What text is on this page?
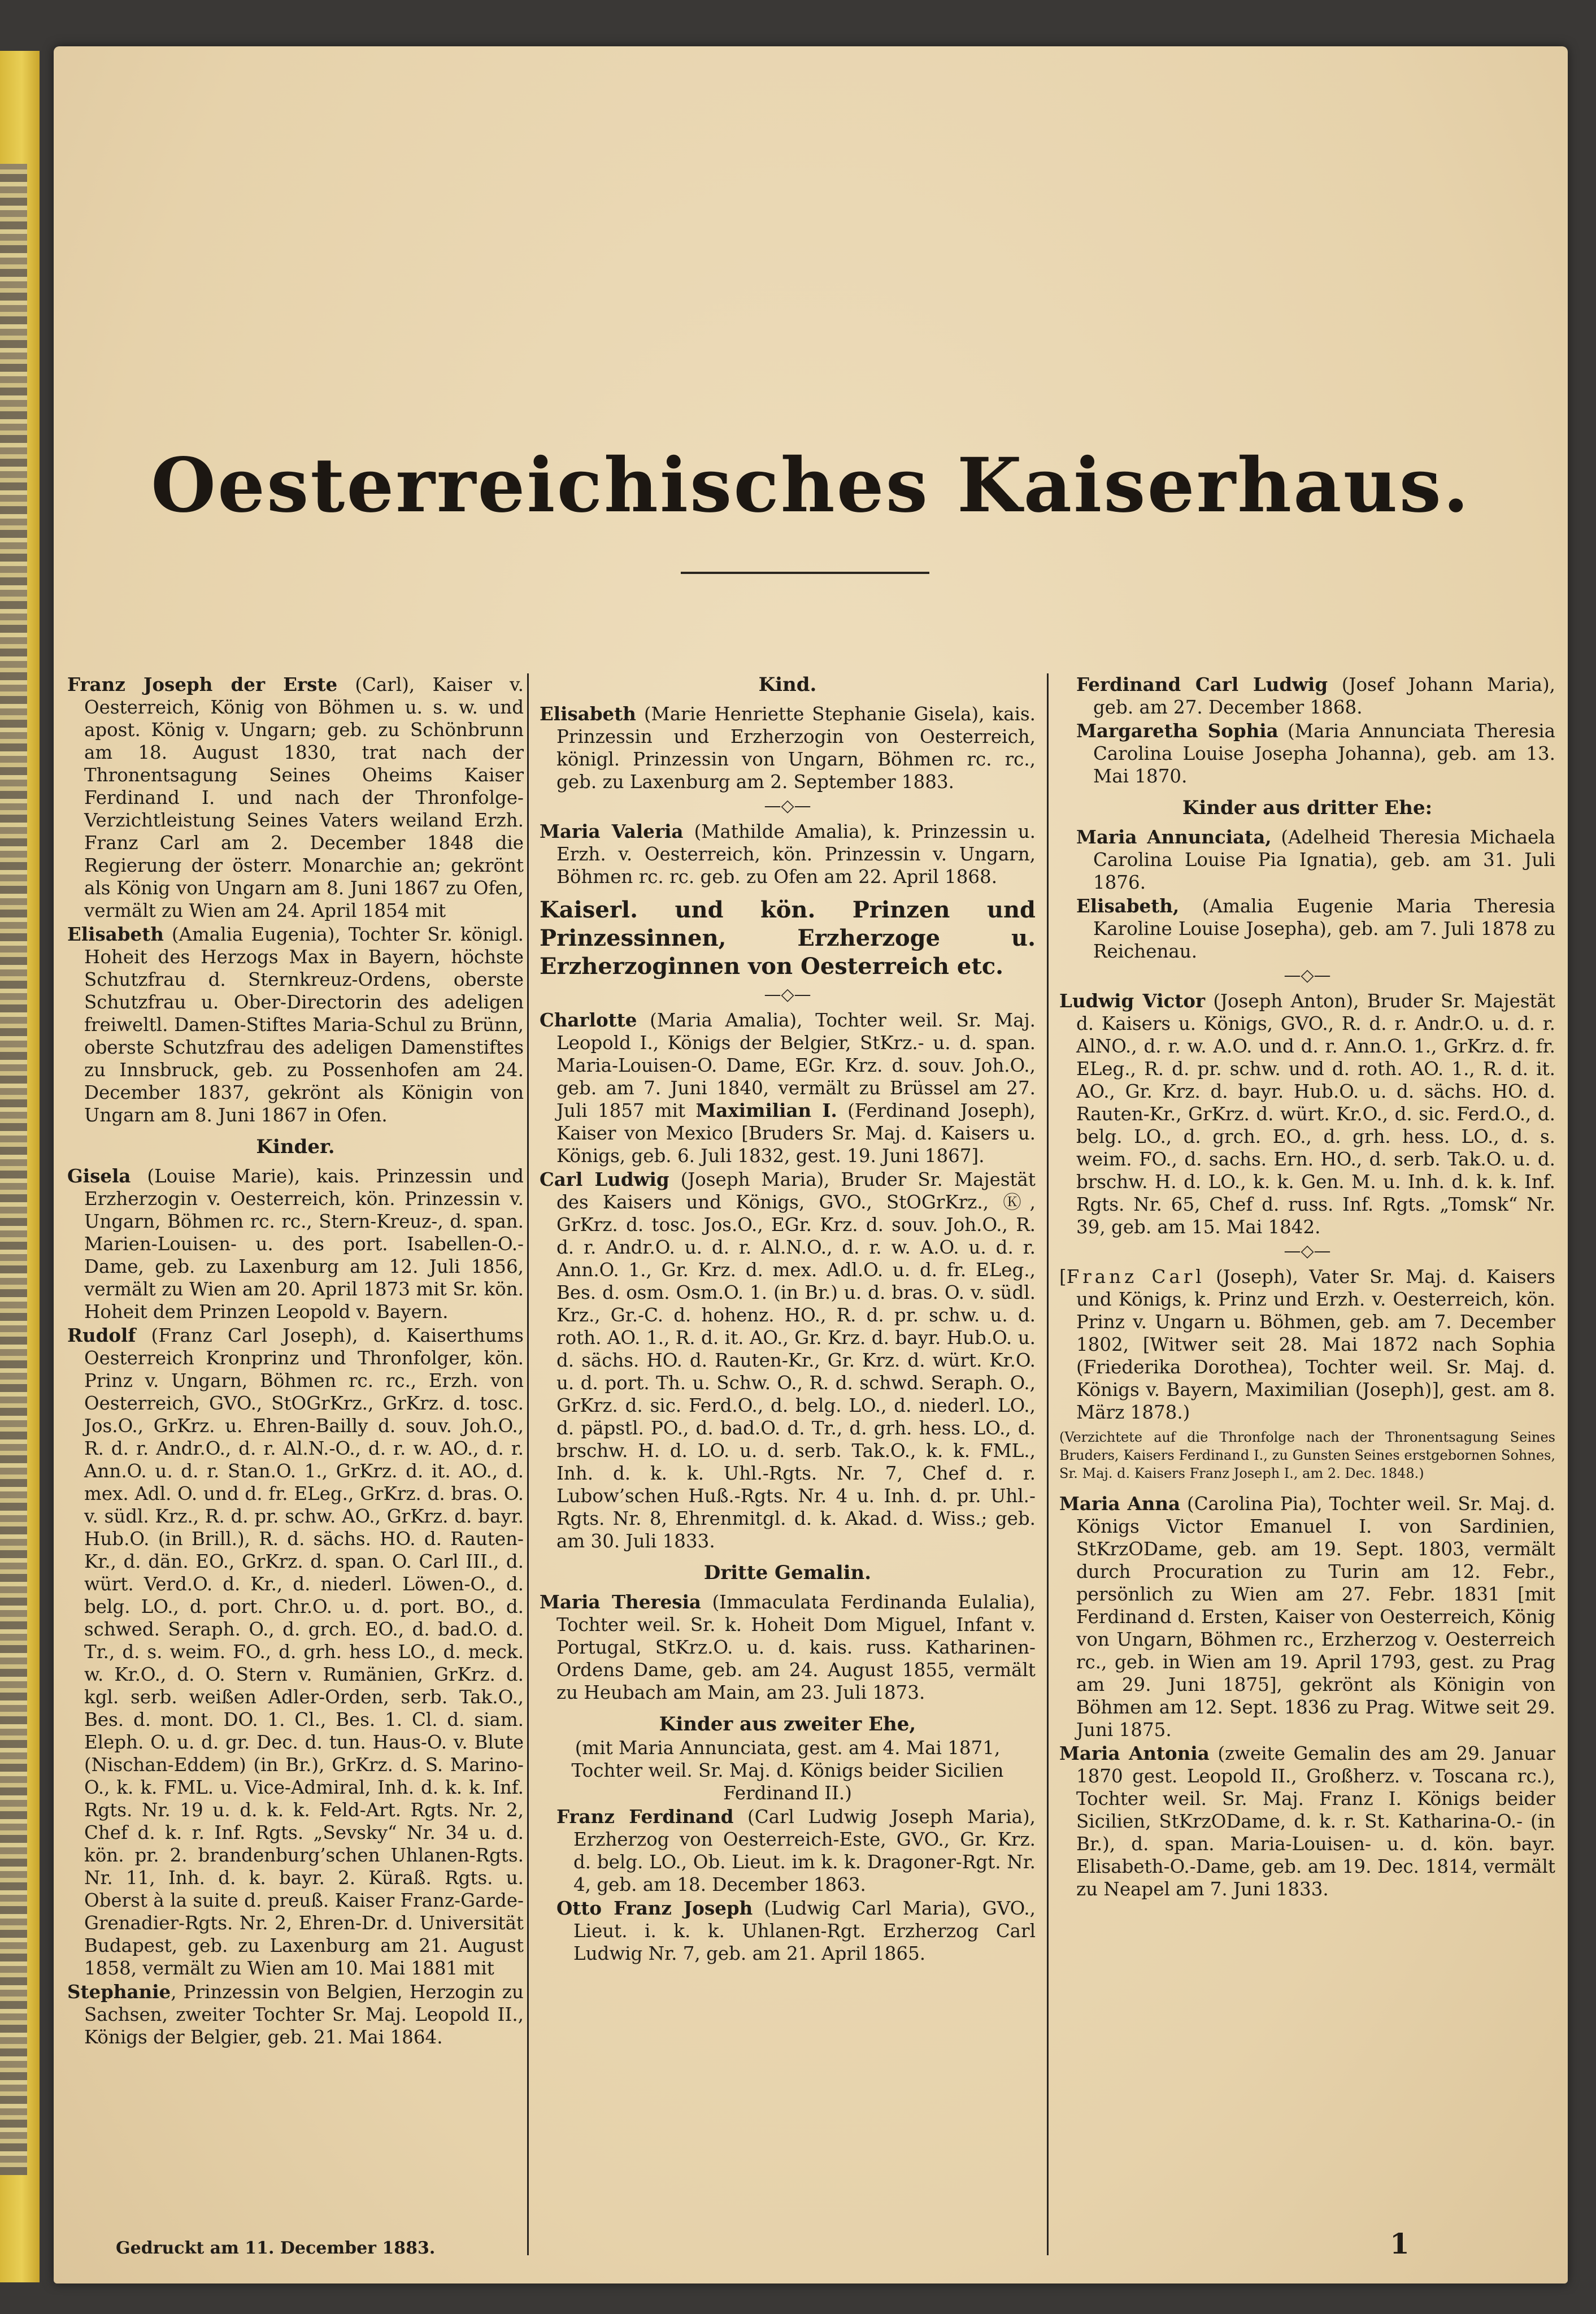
Oesterreichisches Kaiserhaus.

Franz Joseph der Erste (Carl), Kaiser v. Oesterreich, König von Böhmen u. s. w. und apost. König v. Ungarn; geb. zu Schönbrunn am 18. August 1830, trat nach der Thronentsagung Seines Oheims Kaiser Ferdinand I. und nach der Thronfolge-Verzichtleistung Seines Vaters weiland Erzh. Franz Carl am 2. December 1848 die Regierung der österr. Monarchie an; gekrönt als König von Ungarn am 8. Juni 1867 zu Ofen, vermält zu Wien am 24. April 1854 mit

Elisabeth (Amalia Eugenia), Tochter Sr. königl. Hoheit des Herzogs Max in Bayern, höchste Schutzfrau d. Sternkreuz-Ordens, oberste Schutzfrau u. Ober-Directorin des adeligen freiweltl. Damen-Stiftes Maria-Schul zu Brünn, oberste Schutzfrau des adeligen Damenstiftes zu Innsbruck, geb. zu Possenhofen am 24. December 1837, gekrönt als Königin von Ungarn am 8. Juni 1867 in Ofen.

Kinder.

Gisela (Louise Marie), kais. Prinzessin und Erzherzogin v. Oesterreich, kön. Prinzessin v. Ungarn, Böhmen rc. rc., Stern-Kreuz-, d. span. Marien-Louisen- u. des port. Isabellen-O.-Dame, geb. zu Laxenburg am 12. Juli 1856, vermält zu Wien am 20. April 1873 mit Sr. kön. Hoheit dem Prinzen Leopold v. Bayern.

Rudolf (Franz Carl Joseph), d. Kaiserthums Oesterreich Kronprinz und Thronfolger, kön. Prinz v. Ungarn, Böhmen rc. rc., Erzh. von Oesterreich, GVO., StOGrKrz., GrKrz. d. tosc. Jos.O., GrKrz. u. Ehren-Bailly d. souv. Joh.O., R. d. r. Andr.O., d. r. Al.N.-O., d. r. w. AO., d. r. Ann.O. u. d. r. Stan.O. 1., GrKrz. d. it. AO., d. mex. Adl. O. und d. fr. ELeg., GrKrz. d. bras. O. v. südl. Krz., R. d. pr. schw. AO., GrKrz. d. bayr. Hub.O. (in Brill.), R. d. sächs. HO. d. Rauten-Kr., d. dän. EO., GrKrz. d. span. O. Carl III., d. würt. Verd.O. d. Kr., d. niederl. Löwen-O., d. belg. LO., d. port. Chr.O. u. d. port. BO., d. schwed. Seraph. O., d. grch. EO., d. bad.O. d. Tr., d. s. weim. FO., d. grh. hess LO., d. meck. w. Kr.O., d. O. Stern v. Rumänien, GrKrz. d. kgl. serb. weißen Adler-Orden, serb. Tak.O., Bes. d. mont. DO. 1. Cl., Bes. 1. Cl. d. siam. Eleph. O. u. d. gr. Dec. d. tun. Haus-O. v. Blute (Nischan-Eddem) (in Br.), GrKrz. d. S. Marino-O., k. k. FML. u. Vice-Admiral, Inh. d. k. k. Inf. Rgts. Nr. 19 u. d. k. k. Feld-Art. Rgts. Nr. 2, Chef d. k. r. Inf. Rgts. „Sevsky“ Nr. 34 u. d. kön. pr. 2. brandenburg’schen Uhlanen-Rgts. Nr. 11, Inh. d. k. bayr. 2. Küraß. Rgts. u. Oberst à la suite d. preuß. Kaiser Franz-Garde-Grenadier-Rgts. Nr. 2, Ehren-Dr. d. Universität Budapest, geb. zu Laxenburg am 21. August 1858, vermält zu Wien am 10. Mai 1881 mit

Stephanie, Prinzessin von Belgien, Herzogin zu Sachsen, zweiter Tochter Sr. Maj. Leopold II., Königs der Belgier, geb. 21. Mai 1864.

Kind.

Elisabeth (Marie Henriette Stephanie Gisela), kais. Prinzessin und Erzherzogin von Oesterreich, königl. Prinzessin von Ungarn, Böhmen rc. rc., geb. zu Laxenburg am 2. September 1883.

—◇—

Maria Valeria (Mathilde Amalia), k. Prinzessin u. Erzh. v. Oesterreich, kön. Prinzessin v. Ungarn, Böhmen rc. rc. geb. zu Ofen am 22. April 1868.

Kaiserl. und kön. Prinzen und Prinzessinnen, Erzherzoge u. Erzherzoginnen von Oesterreich etc.

—◇—

Charlotte (Maria Amalia), Tochter weil. Sr. Maj. Leopold I., Königs der Belgier, StKrz.- u. d. span. Maria-Louisen-O. Dame, EGr. Krz. d. souv. Joh.O., geb. am 7. Juni 1840, vermält zu Brüssel am 27. Juli 1857 mit Maximilian I. (Ferdinand Joseph), Kaiser von Mexico [Bruders Sr. Maj. d. Kaisers u. Königs, geb. 6. Juli 1832, gest. 19. Juni 1867].

Carl Ludwig (Joseph Maria), Bruder Sr. Majestät des Kaisers und Königs, GVO., StOGrKrz., Ⓚ, GrKrz. d. tosc. Jos.O., EGr. Krz. d. souv. Joh.O., R. d. r. Andr.O. u. d. r. Al.N.O., d. r. w. A.O. u. d. r. Ann.O. 1., Gr. Krz. d. mex. Adl.O. u. d. fr. ELeg., Bes. d. osm. Osm.O. 1. (in Br.) u. d. bras. O. v. südl. Krz., Gr.-C. d. hohenz. HO., R. d. pr. schw. u. d. roth. AO. 1., R. d. it. AO., Gr. Krz. d. bayr. Hub.O. u. d. sächs. HO. d. Rauten-Kr., Gr. Krz. d. würt. Kr.O. u. d. port. Th. u. Schw. O., R. d. schwd. Seraph. O., GrKrz. d. sic. Ferd.O., d. belg. LO., d. niederl. LO., d. päpstl. PO., d. bad.O. d. Tr., d. grh. hess. LO., d. brschw. H. d. LO. u. d. serb. Tak.O., k. k. FML., Inh. d. k. k. Uhl.-Rgts. Nr. 7, Chef d. r. Lubow’schen Huß.-Rgts. Nr. 4 u. Inh. d. pr. Uhl.-Rgts. Nr. 8, Ehrenmitgl. d. k. Akad. d. Wiss.; geb. am 30. Juli 1833.

Dritte Gemalin.

Maria Theresia (Immaculata Ferdinanda Eulalia), Tochter weil. Sr. k. Hoheit Dom Miguel, Infant v. Portugal, StKrz.O. u. d. kais. russ. Katharinen-Ordens Dame, geb. am 24. August 1855, vermält zu Heubach am Main, am 23. Juli 1873.

Kinder aus zweiter Ehe,

(mit Maria Annunciata, gest. am 4. Mai 1871, Tochter weil. Sr. Maj. d. Königs beider Sicilien Ferdinand II.)

Franz Ferdinand (Carl Ludwig Joseph Maria), Erzherzog von Oesterreich-Este, GVO., Gr. Krz. d. belg. LO., Ob. Lieut. im k. k. Dragoner-Rgt. Nr. 4, geb. am 18. December 1863.

Otto Franz Joseph (Ludwig Carl Maria), GVO., Lieut. i. k. k. Uhlanen-Rgt. Erzherzog Carl Ludwig Nr. 7, geb. am 21. April 1865.

Ferdinand Carl Ludwig (Josef Johann Maria), geb. am 27. December 1868.

Margaretha Sophia (Maria Annunciata Theresia Carolina Louise Josepha Johanna), geb. am 13. Mai 1870.

Kinder aus dritter Ehe:

Maria Annunciata, (Adelheid Theresia Michaela Carolina Louise Pia Ignatia), geb. am 31. Juli 1876.

Elisabeth, (Amalia Eugenie Maria Theresia Karoline Louise Josepha), geb. am 7. Juli 1878 zu Reichenau.

—◇—

Ludwig Victor (Joseph Anton), Bruder Sr. Majestät d. Kaisers u. Königs, GVO., R. d. r. Andr.O. u. d. r. AlNO., d. r. w. A.O. und d. r. Ann.O. 1., GrKrz. d. fr. ELeg., R. d. pr. schw. und d. roth. AO. 1., R. d. it. AO., Gr. Krz. d. bayr. Hub.O. u. d. sächs. HO. d. Rauten-Kr., GrKrz. d. würt. Kr.O., d. sic. Ferd.O., d. belg. LO., d. grch. EO., d. grh. hess. LO., d. s. weim. FO., d. sachs. Ern. HO., d. serb. Tak.O. u. d. brschw. H. d. LO., k. k. Gen. M. u. Inh. d. k. k. Inf. Rgts. Nr. 65, Chef d. russ. Inf. Rgts. „Tomsk“ Nr. 39, geb. am 15. Mai 1842.

—◇—

[Franz Carl (Joseph), Vater Sr. Maj. d. Kaisers und Königs, k. Prinz und Erzh. v. Oesterreich, kön. Prinz v. Ungarn u. Böhmen, geb. am 7. December 1802, [Witwer seit 28. Mai 1872 nach Sophia (Friederika Dorothea), Tochter weil. Sr. Maj. d. Königs v. Bayern, Maximilian (Joseph)], gest. am 8. März 1878.)

(Verzichtete auf die Thronfolge nach der Thronentsagung Seines Bruders, Kaisers Ferdinand I., zu Gunsten Seines erstgebornen Sohnes, Sr. Maj. d. Kaisers Franz Joseph I., am 2. Dec. 1848.)

Maria Anna (Carolina Pia), Tochter weil. Sr. Maj. d. Königs Victor Emanuel I. von Sardinien, StKrzODame, geb. am 19. Sept. 1803, vermält durch Procuration zu Turin am 12. Febr., persönlich zu Wien am 27. Febr. 1831 [mit Ferdinand d. Ersten, Kaiser von Oesterreich, König von Ungarn, Böhmen rc., Erzherzog v. Oesterreich rc., geb. in Wien am 19. April 1793, gest. zu Prag am 29. Juni 1875], gekrönt als Königin von Böhmen am 12. Sept. 1836 zu Prag. Witwe seit 29. Juni 1875.

Maria Antonia (zweite Gemalin des am 29. Januar 1870 gest. Leopold II., Großherz. v. Toscana rc.), Tochter weil. Sr. Maj. Franz I. Königs beider Sicilien, StKrzODame, d. k. r. St. Katharina-O.- (in Br.), d. span. Maria-Louisen- u. d. kön. bayr. Elisabeth-O.-Dame, geb. am 19. Dec. 1814, vermält zu Neapel am 7. Juni 1833.

Gedruckt am 11. December 1883.	1
